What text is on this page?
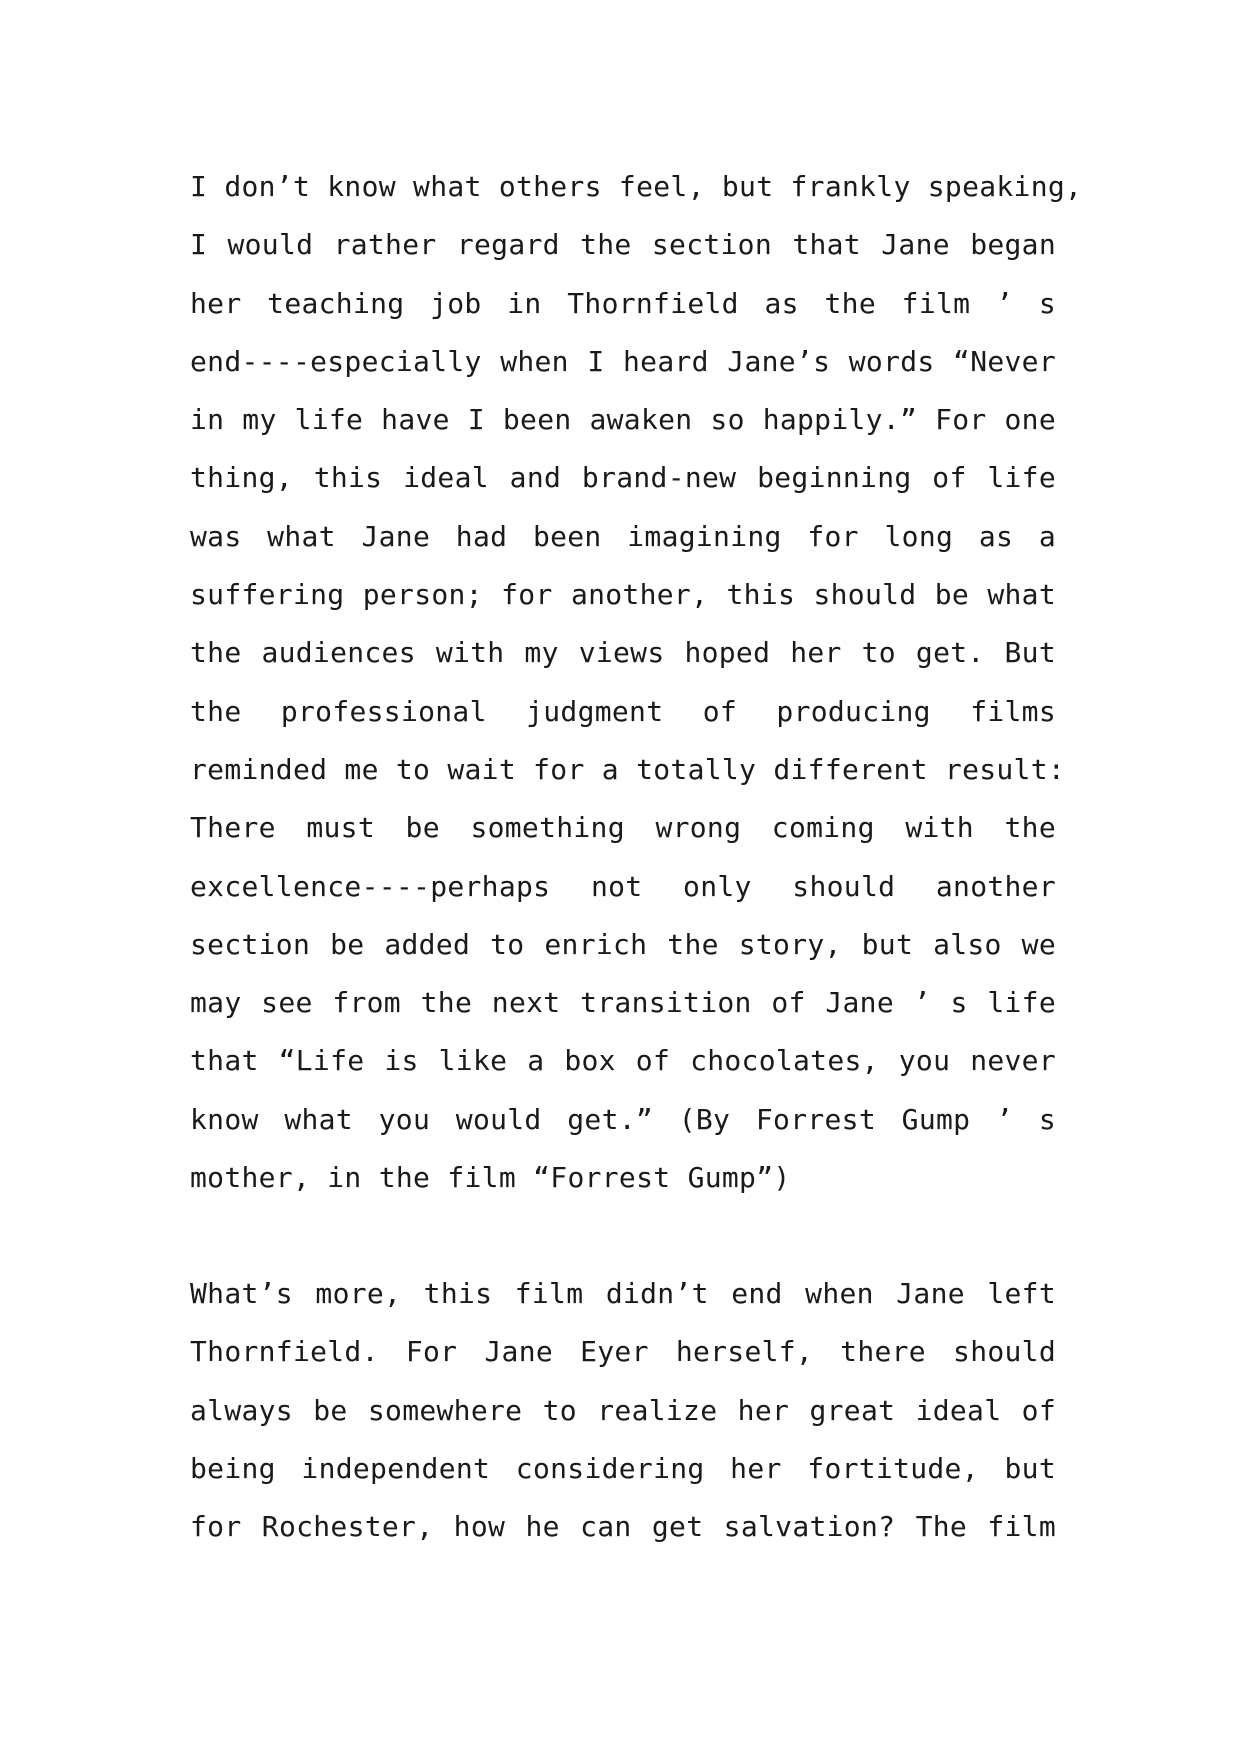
I don’t know what others feel, but frankly speaking,
I would rather regard the section that Jane began
her teaching job in Thornfield as the film ’ s
end----especially when I heard Jane’s words “Never
in my life have I been awaken so happily.” For one
thing, this ideal and brand-new beginning of life
was what Jane had been imagining for long as a
suffering person; for another, this should be what
the audiences with my views hoped her to get. But
the professional judgment of producing films
reminded me to wait for a totally different result:
There must be something wrong coming with the
excellence----perhaps not only should another
section be added to enrich the story, but also we
may see from the next transition of Jane ’ s life
that “Life is like a box of chocolates, you never
know what you would get.” (By Forrest Gump ’ s
mother, in the film “Forrest Gump”)
What’s more, this film didn’t end when Jane left
Thornfield. For Jane Eyer herself, there should
always be somewhere to realize her great ideal of
being independent considering her fortitude, but
for Rochester, how he can get salvation? The film
